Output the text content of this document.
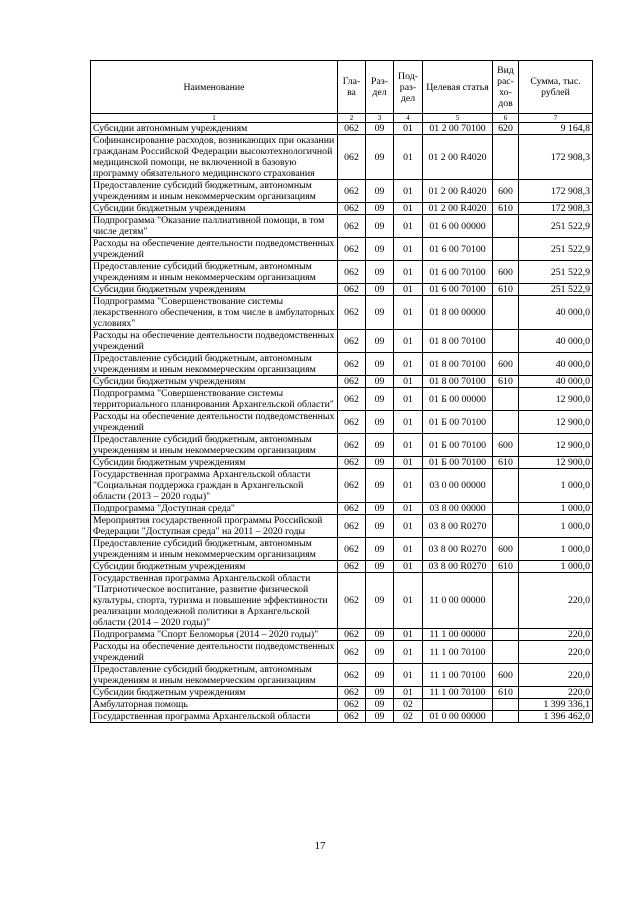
Наименование	Гла-ва	Раз-дел	Под-раз-дел	Целевая статья	Вид рас-хо-дов	Сумма, тыс. рублей
1	2	3	4	5	6	7
Субсидии автономным учреждениям	062	09	01	01 2 00 70100	620	9 164,8
Софинансирование расходов, возникающих при оказании гражданам Российской Федерации высокотехнологичной медицинской помощи, не включенной в базовую программу обязательного медицинского страхования	062	09	01	01 2 00 R4020		172 908,3
Предоставление субсидий бюджетным, автономным учреждениям и иным некоммерческим организациям	062	09	01	01 2 00 R4020	600	172 908,3
Субсидии бюджетным учреждениям	062	09	01	01 2 00 R4020	610	172 908,3
Подпрограмма "Оказание паллиативной помощи, в том числе детям"	062	09	01	01 6 00 00000		251 522,9
Расходы на обеспечение деятельности подведомственных учреждений	062	09	01	01 6 00 70100		251 522,9
Предоставление субсидий бюджетным, автономным учреждениям и иным некоммерческим организациям	062	09	01	01 6 00 70100	600	251 522,9
Субсидии бюджетным учреждениям	062	09	01	01 6 00 70100	610	251 522,9
Подпрограмма "Совершенствование системы лекарственного обеспечения, в том числе в амбулаторных условиях"	062	09	01	01 8 00 00000		40 000,0
Расходы на обеспечение деятельности подведомственных учреждений	062	09	01	01 8 00 70100		40 000,0
Предоставление субсидий бюджетным, автономным учреждениям и иным некоммерческим организациям	062	09	01	01 8 00 70100	600	40 000,0
Субсидии бюджетным учреждениям	062	09	01	01 8 00 70100	610	40 000,0
Подпрограмма "Совершенствование системы территориального планирования Архангельской области"	062	09	01	01 Б 00 00000		12 900,0
Расходы на обеспечение деятельности подведомственных учреждений	062	09	01	01 Б 00 70100		12 900,0
Предоставление субсидий бюджетным, автономным учреждениям и иным некоммерческим организациям	062	09	01	01 Б 00 70100	600	12 900,0
Субсидии бюджетным учреждениям	062	09	01	01 Б 00 70100	610	12 900,0
Государственная программа Архангельской области "Социальная поддержка граждан в Архангельской области (2013 – 2020 годы)"	062	09	01	03 0 00 00000		1 000,0
Подпрограмма "Доступная среда"	062	09	01	03 8 00 00000		1 000,0
Мероприятия государственной программы Российской Федерации "Доступная среда" на 2011 – 2020 годы	062	09	01	03 8 00 R0270		1 000,0
Предоставление субсидий бюджетным, автономным учреждениям и иным некоммерческим организациям	062	09	01	03 8 00 R0270	600	1 000,0
Субсидии бюджетным учреждениям	062	09	01	03 8 00 R0270	610	1 000,0
Государственная программа Архангельской области "Патриотическое воспитание, развитие физической культуры, спорта, туризма и повышение эффективности реализации молодежной политики в Архангельской области (2014 – 2020 годы)"	062	09	01	11 0 00 00000		220,0
Подпрограмма "Спорт Беломорья (2014 – 2020 годы)"	062	09	01	11 1 00 00000		220,0
Расходы на обеспечение деятельности подведомственных учреждений	062	09	01	11 1 00 70100		220,0
Предоставление субсидий бюджетным, автономным учреждениям и иным некоммерческим организациям	062	09	01	11 1 00 70100	600	220,0
Субсидии бюджетным учреждениям	062	09	01	11 1 00 70100	610	220,0
Амбулаторная помощь	062	09	02			1 399 336,1
Государственная программа Архангельской области	062	09	02	01 0 00 00000		1 396 462,0
17
